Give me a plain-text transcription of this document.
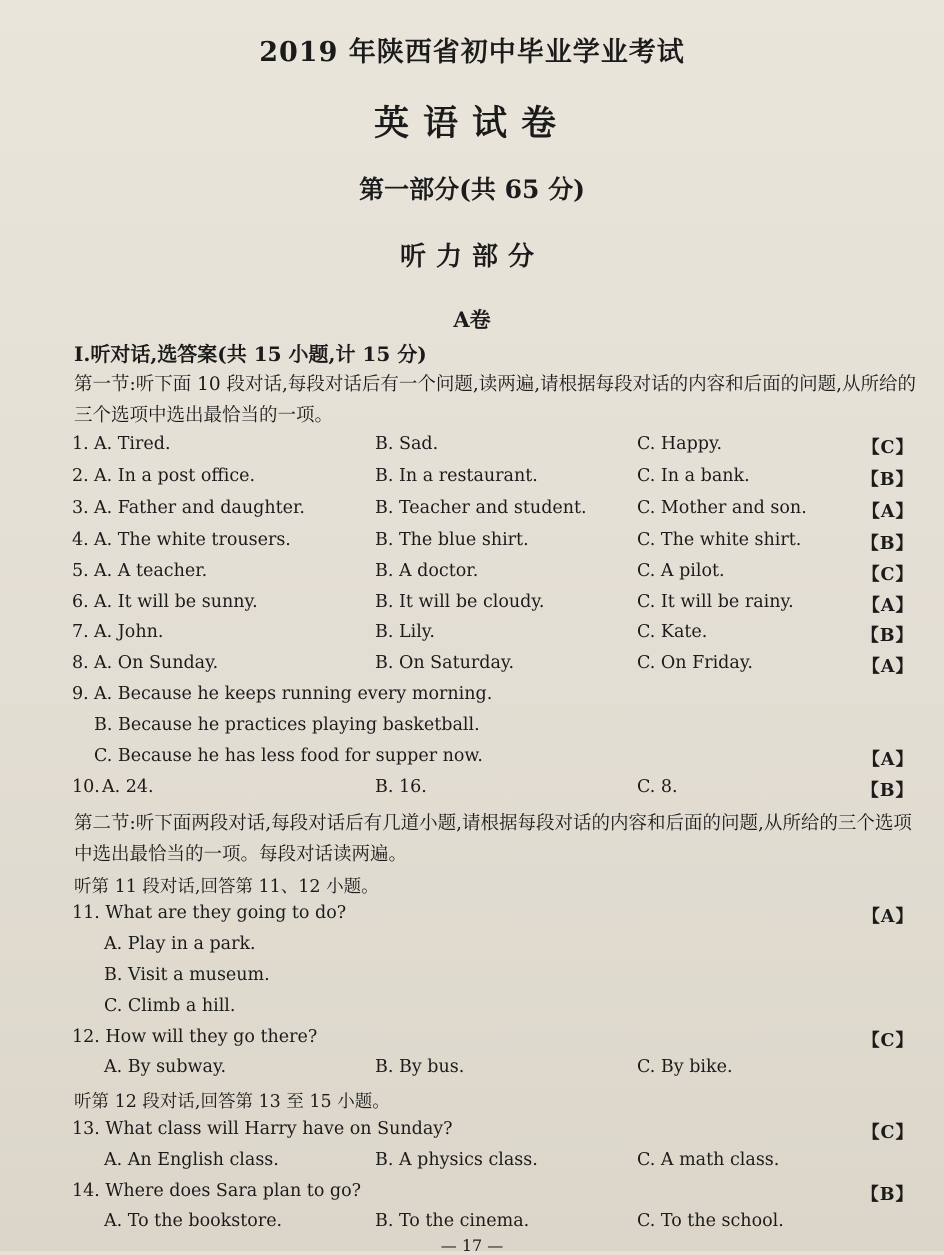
2019 年陕西省初中毕业学业考试
英语试卷
第一部分(共 65 分)
听力部分
A卷
Ⅰ.听对话,选答案(共 15 小题,计 15 分)
第一节:听下面 10 段对话,每段对话后有一个问题,读两遍,请根据每段对话的内容和后面的问题,从所给的三个选项中选出最恰当的一项。
1. A. Tired.	B. Sad.	C. Happy.	【C】
2. A. In a post office.	B. In a restaurant.	C. In a bank.	【B】
3. A. Father and daughter.	B. Teacher and student.	C. Mother and son.	【A】
4. A. The white trousers.	B. The blue shirt.	C. The white shirt.	【B】
5. A. A teacher.	B. A doctor.	C. A pilot.	【C】
6. A. It will be sunny.	B. It will be cloudy.	C. It will be rainy.	【A】
7. A. John.	B. Lily.	C. Kate.	【B】
8. A. On Sunday.	B. On Saturday.	C. On Friday.	【A】
9. A. Because he keeps running every morning.
B. Because he practices playing basketball.
C. Because he has less food for supper now.	【A】
10. A. 24.	B. 16.	C. 8.	【B】
第二节:听下面两段对话,每段对话后有几道小题,请根据每段对话的内容和后面的问题,从所给的三个选项中选出最恰当的一项。每段对话读两遍。
听第 11 段对话,回答第 11、12 小题。
11. What are they going to do?	【A】
A. Play in a park.
B. Visit a museum.
C. Climb a hill.
12. How will they go there?	【C】
A. By subway.	B. By bus.	C. By bike.
听第 12 段对话,回答第 13 至 15 小题。
13. What class will Harry have on Sunday?	【C】
A. An English class.	B. A physics class.	C. A math class.
14. Where does Sara plan to go?	【B】
A. To the bookstore.	B. To the cinema.	C. To the school.
— 17 —
